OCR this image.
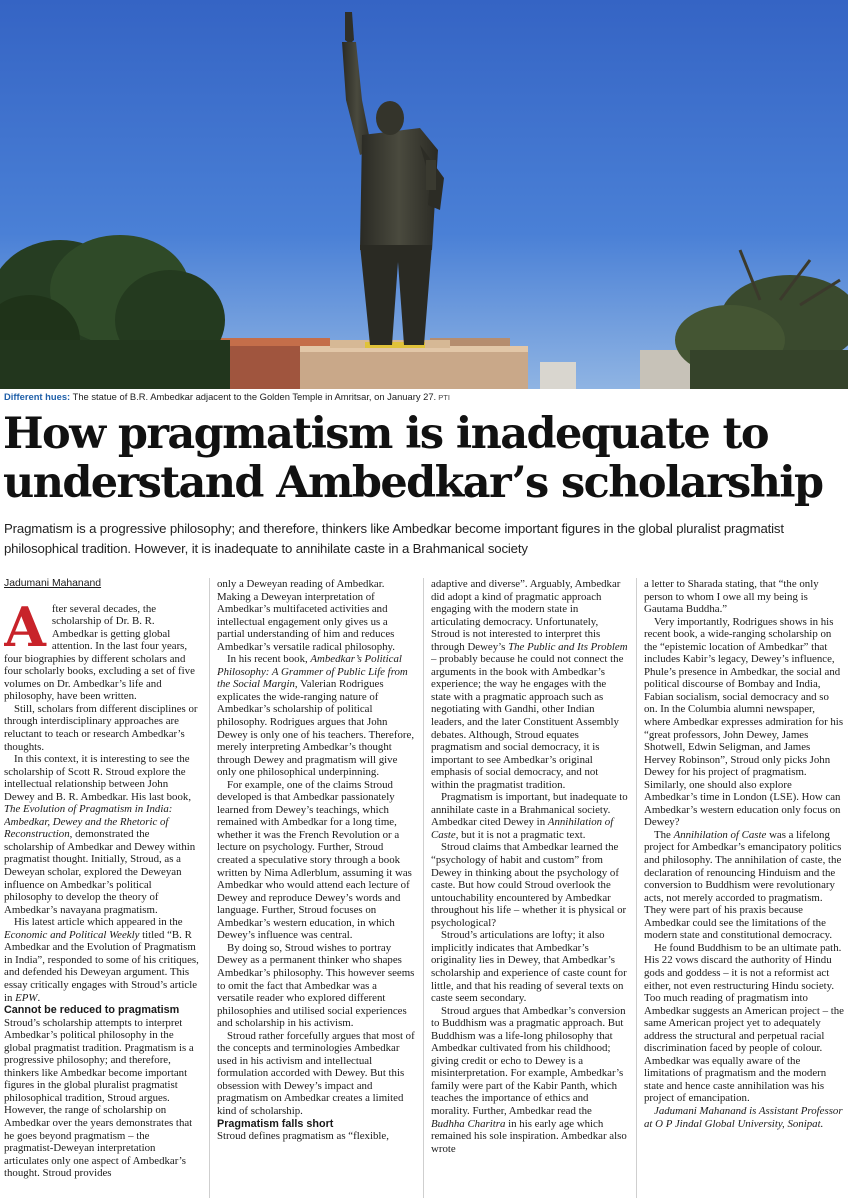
Different hues: The statue of B.R. Ambedkar adjacent to the Golden Temple in Amritsar, on January 27. PTI
How pragmatism is inadequate to
understand Ambedkar’s scholarship

Pragmatism is a progressive philosophy; and therefore, thinkers like Ambedkar become important figures in the global pluralist pragmatist philosophical tradition. However, it is inadequate to annihilate caste in a Brahmanical society

Jadumani Mahanand

After several decades, the scholarship of Dr. B. R. Ambedkar is getting global attention. In the last four years, four biographies by different scholars and four scholarly books, excluding a set of five volumes on Dr. Ambedkar’s life and philosophy, have been written.

Still, scholars from different disciplines or through interdisciplinary approaches are reluctant to teach or research Ambedkar’s thoughts.

In this context, it is interesting to see the scholarship of Scott R. Stroud explore the intellectual relationship between John Dewey and B. R. Ambedkar. His last book, The Evolution of Pragmatism in India: Ambedkar, Dewey and the Rhetoric of Reconstruction, demonstrated the scholarship of Ambedkar and Dewey within pragmatist thought. Initially, Stroud, as a Deweyan scholar, explored the Deweyan influence on Ambedkar’s political philosophy to develop the theory of Ambedkar’s navayana pragmatism.

His latest article which appeared in the Economic and Political Weekly titled “B. R Ambedkar and the Evolution of Pragmatism in India”, responded to some of his critiques, and defended his Deweyan argument. This essay critically engages with Stroud’s article in EPW.

Cannot be reduced to pragmatism

Stroud’s scholarship attempts to interpret Ambedkar’s political philosophy in the global pragmatist tradition. Pragmatism is a progressive philosophy; and therefore, thinkers like Ambedkar become important figures in the global pluralist pragmatist philosophical tradition, Stroud argues. However, the range of scholarship on Ambedkar over the years demonstrates that he goes beyond pragmatism – the pragmatist-Deweyan interpretation articulates only one aspect of Ambedkar’s thought. Stroud provides

only a Deweyan reading of Ambedkar. Making a Deweyan interpretation of Ambedkar’s multifaceted activities and intellectual engagement only gives us a partial understanding of him and reduces Ambedkar’s versatile radical philosophy.

In his recent book, Ambedkar’s Political Philosophy: A Grammer of Public Life from the Social Margin, Valerian Rodrigues explicates the wide-ranging nature of Ambedkar’s scholarship of political philosophy. Rodrigues argues that John Dewey is only one of his teachers. Therefore, merely interpreting Ambedkar’s thought through Dewey and pragmatism will give only one philosophical underpinning.

For example, one of the claims Stroud developed is that Ambedkar passionately learned from Dewey’s teachings, which remained with Ambedkar for a long time, whether it was the French Revolution or a lecture on psychology. Further, Stroud created a speculative story through a book written by Nima Adlerblum, assuming it was Ambedkar who would attend each lecture of Dewey and reproduce Dewey’s words and language. Further, Stroud focuses on Ambedkar’s western education, in which Dewey’s influence was central.

By doing so, Stroud wishes to portray Dewey as a permanent thinker who shapes Ambedkar’s philosophy. This however seems to omit the fact that Ambedkar was a versatile reader who explored different philosophies and utilised social experiences and scholarship in his activism.

Stroud rather forcefully argues that most of the concepts and terminologies Ambedkar used in his activism and intellectual formulation accorded with Dewey. But this obsession with Dewey’s impact and pragmatism on Ambedkar creates a limited kind of scholarship.

Pragmatism falls short

Stroud defines pragmatism as “flexible,

adaptive and diverse”. Arguably, Ambedkar did adopt a kind of pragmatic approach engaging with the modern state in articulating democracy. Unfortunately, Stroud is not interested to interpret this through Dewey’s The Public and Its Problem – probably because he could not connect the arguments in the book with Ambedkar’s experience; the way he engages with the state with a pragmatic approach such as negotiating with Gandhi, other Indian leaders, and the later Constituent Assembly debates. Although, Stroud equates pragmatism and social democracy, it is important to see Ambedkar’s original emphasis of social democracy, and not within the pragmatist tradition.

Pragmatism is important, but inadequate to annihilate caste in a Brahmanical society. Ambedkar cited Dewey in Annihilation of Caste, but it is not a pragmatic text.

Stroud claims that Ambedkar learned the “psychology of habit and custom” from Dewey in thinking about the psychology of caste. But how could Stroud overlook the untouchability encountered by Ambedkar throughout his life – whether it is physical or psychological?

Stroud’s articulations are lofty; it also implicitly indicates that Ambedkar’s originality lies in Dewey, that Ambedkar’s scholarship and experience of caste count for little, and that his reading of several texts on caste seem secondary.

Stroud argues that Ambedkar’s conversion to Buddhism was a pragmatic approach. But Buddhism was a life-long philosophy that Ambedkar cultivated from his childhood; giving credit or echo to Dewey is a misinterpretation. For example, Ambedkar’s family were part of the Kabir Panth, which teaches the importance of ethics and morality. Further, Ambedkar read the Budhha Charitra in his early age which remained his sole inspiration. Ambedkar also wrote

a letter to Sharada stating, that “the only person to whom I owe all my being is Gautama Buddha.”

Very importantly, Rodrigues shows in his recent book, a wide-ranging scholarship on the “epistemic location of Ambedkar” that includes Kabir’s legacy, Dewey’s influence, Phule’s presence in Ambedkar, the social and political discourse of Bombay and India, Fabian socialism, social democracy and so on. In the Columbia alumni newspaper, where Ambedkar expresses admiration for his “great professors, John Dewey, James Shotwell, Edwin Seligman, and James Hervey Robinson”, Stroud only picks John Dewey for his project of pragmatism. Similarly, one should also explore Ambedkar’s time in London (LSE). How can Ambedkar’s western education only focus on Dewey?

The Annihilation of Caste was a lifelong project for Ambedkar’s emancipatory politics and philosophy. The annihilation of caste, the declaration of renouncing Hinduism and the conversion to Buddhism were revolutionary acts, not merely accorded to pragmatism. They were part of his praxis because Ambedkar could see the limitations of the modern state and constitutional democracy.

He found Buddhism to be an ultimate path. His 22 vows discard the authority of Hindu gods and goddess – it is not a reformist act either, not even restructuring Hindu society. Too much reading of pragmatism into Ambedkar suggests an American project – the same American project yet to adequately address the structural and perpetual racial discrimination faced by people of colour. Ambedkar was equally aware of the limitations of pragmatism and the modern state and hence caste annihilation was his project of emancipation.

Jadumani Mahanand is Assistant Professor at O P Jindal Global University, Sonipat.
